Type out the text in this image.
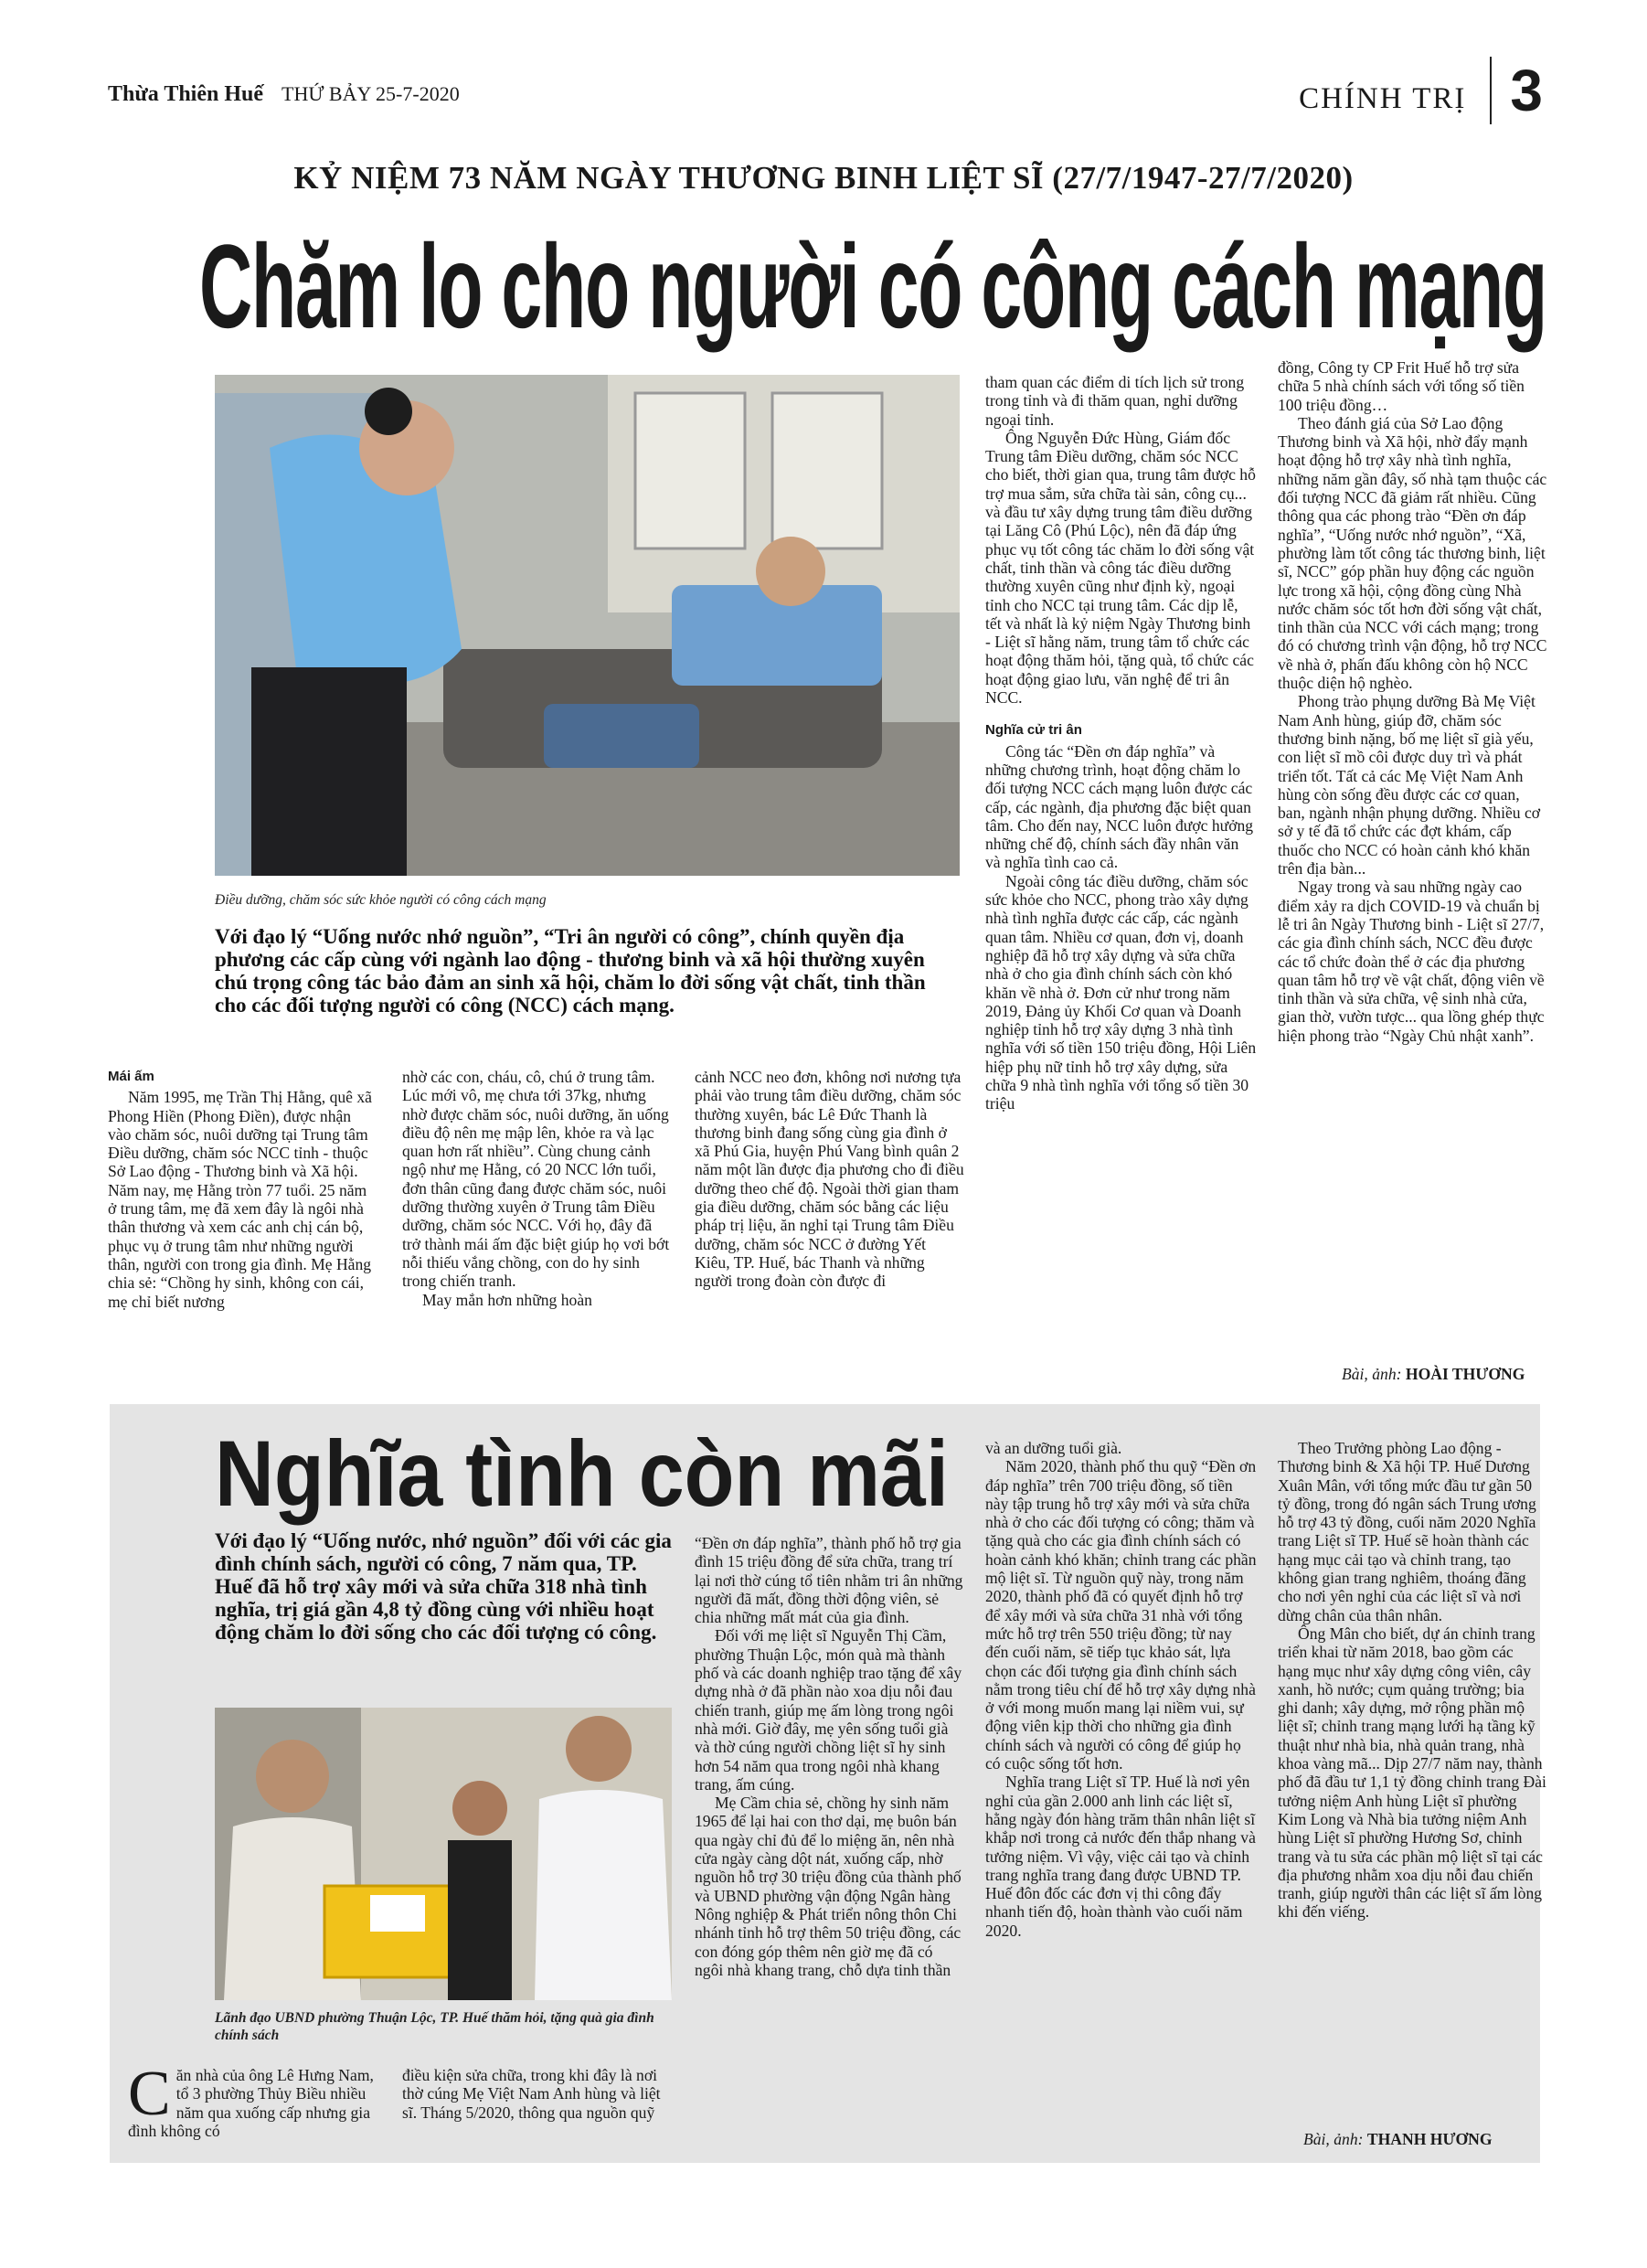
Thừa Thiên Huế THỨ BẢY 25-7-2020	CHÍNH TRỊ 3
KỶ NIỆM 73 NĂM NGÀY THƯƠNG BINH LIỆT SĨ (27/7/1947-27/7/2020)
Chăm lo cho người có công cách mạng
Điều dưỡng, chăm sóc sức khỏe người có công cách mạng
Với đạo lý “Uống nước nhớ nguồn”, “Tri ân người có công”, chính quyền địa phương các cấp cùng với ngành lao động - thương binh và xã hội thường xuyên chú trọng công tác bảo đảm an sinh xã hội, chăm lo đời sống vật chất, tinh thần cho các đối tượng người có công (NCC) cách mạng.
Mái ấm

Năm 1995, mẹ Trần Thị Hằng, quê xã Phong Hiền (Phong Điền), được nhận vào chăm sóc, nuôi dưỡng tại Trung tâm Điều dưỡng, chăm sóc NCC tỉnh - thuộc Sở Lao động - Thương binh và Xã hội. Năm nay, mẹ Hằng tròn 77 tuổi. 25 năm ở trung tâm, mẹ đã xem đây là ngôi nhà thân thương và xem các anh chị cán bộ, phục vụ ở trung tâm như những người thân, người con trong gia đình. Mẹ Hằng chia sẻ: “Chồng hy sinh, không con cái, mẹ chỉ biết nương

nhờ các con, cháu, cô, chú ở trung tâm. Lúc mới vô, mẹ chưa tới 37kg, nhưng nhờ được chăm sóc, nuôi dưỡng, ăn uống điều độ nên mẹ mập lên, khỏe ra và lạc quan hơn rất nhiều”. Cùng chung cảnh ngộ như mẹ Hằng, có 20 NCC lớn tuổi, đơn thân cũng đang được chăm sóc, nuôi dưỡng thường xuyên ở Trung tâm Điều dưỡng, chăm sóc NCC. Với họ, đây đã trở thành mái ấm đặc biệt giúp họ vơi bớt nỗi thiếu vắng chồng, con do hy sinh trong chiến tranh.

May mắn hơn những hoàn

cảnh NCC neo đơn, không nơi nương tựa phải vào trung tâm điều dưỡng, chăm sóc thường xuyên, bác Lê Đức Thanh là thương binh đang sống cùng gia đình ở xã Phú Gia, huyện Phú Vang bình quân 2 năm một lần được địa phương cho đi điều dưỡng theo chế độ. Ngoài thời gian tham gia điều dưỡng, chăm sóc bằng các liệu pháp trị liệu, ăn nghỉ tại Trung tâm Điều dưỡng, chăm sóc NCC ở đường Yết Kiêu, TP. Huế, bác Thanh và những người trong đoàn còn được đi

tham quan các điểm di tích lịch sử trong trong tỉnh và đi thăm quan, nghỉ dưỡng ngoại tỉnh.

Ông Nguyễn Đức Hùng, Giám đốc Trung tâm Điều dưỡng, chăm sóc NCC cho biết, thời gian qua, trung tâm được hỗ trợ mua sắm, sửa chữa tài sản, công cụ... và đầu tư xây dựng trung tâm điều dưỡng tại Lăng Cô (Phú Lộc), nên đã đáp ứng phục vụ tốt công tác chăm lo đời sống vật chất, tinh thần và công tác điều dưỡng thường xuyên cũng như định kỳ, ngoại tỉnh cho NCC tại trung tâm. Các dịp lễ, tết và nhất là kỷ niệm Ngày Thương binh - Liệt sĩ hằng năm, trung tâm tổ chức các hoạt động thăm hỏi, tặng quà, tổ chức các hoạt động giao lưu, văn nghệ để tri ân NCC.

Nghĩa cử tri ân

Công tác “Đền ơn đáp nghĩa” và những chương trình, hoạt động chăm lo đối tượng NCC cách mạng luôn được các cấp, các ngành, địa phương đặc biệt quan tâm. Cho đến nay, NCC luôn được hưởng những chế độ, chính sách đầy nhân văn và nghĩa tình cao cả.

Ngoài công tác điều dưỡng, chăm sóc sức khỏe cho NCC, phong trào xây dựng nhà tình nghĩa được các cấp, các ngành quan tâm. Nhiều cơ quan, đơn vị, doanh nghiệp đã hỗ trợ xây dựng và sửa chữa nhà ở cho gia đình chính sách còn khó khăn về nhà ở. Đơn cử như trong năm 2019, Đảng ủy Khối Cơ quan và Doanh nghiệp tỉnh hỗ trợ xây dựng 3 nhà tình nghĩa với số tiền 150 triệu đồng, Hội Liên hiệp phụ nữ tỉnh hỗ trợ xây dựng, sửa chữa 9 nhà tình nghĩa với tổng số tiền 30 triệu

đồng, Công ty CP Frit Huế hỗ trợ sửa chữa 5 nhà chính sách với tổng số tiền 100 triệu đồng…

Theo đánh giá của Sở Lao động Thương binh và Xã hội, nhờ đẩy mạnh hoạt động hỗ trợ xây nhà tình nghĩa, những năm gần đây, số nhà tạm thuộc các đối tượng NCC đã giảm rất nhiều. Cũng thông qua các phong trào “Đền ơn đáp nghĩa”, “Uống nước nhớ nguồn”, “Xã, phường làm tốt công tác thương binh, liệt sĩ, NCC” góp phần huy động các nguồn lực trong xã hội, cộng đồng cùng Nhà nước chăm sóc tốt hơn đời sống vật chất, tinh thần của NCC với cách mạng; trong đó có chương trình vận động, hỗ trợ NCC về nhà ở, phấn đấu không còn hộ NCC thuộc diện hộ nghèo.

Phong trào phụng dưỡng Bà Mẹ Việt Nam Anh hùng, giúp đỡ, chăm sóc thương binh nặng, bố mẹ liệt sĩ già yếu, con liệt sĩ mồ côi được duy trì và phát triển tốt. Tất cả các Mẹ Việt Nam Anh hùng còn sống đều được các cơ quan, ban, ngành nhận phụng dưỡng. Nhiều cơ sở y tế đã tổ chức các đợt khám, cấp thuốc cho NCC có hoàn cảnh khó khăn trên địa bàn...

Ngay trong và sau những ngày cao điểm xảy ra dịch COVID-19 và chuẩn bị lễ tri ân Ngày Thương binh - Liệt sĩ 27/7, các gia đình chính sách, NCC đều được các tổ chức đoàn thể ở các địa phương quan tâm hỗ trợ về vật chất, động viên về tinh thần và sửa chữa, vệ sinh nhà cửa, gian thờ, vườn tược... qua lồng ghép thực hiện phong trào “Ngày Chủ nhật xanh”.

Bài, ảnh: HOÀI THƯƠNG
Nghĩa tình còn mãi
Với đạo lý “Uống nước, nhớ nguồn” đối với các gia đình chính sách, người có công, 7 năm qua, TP. Huế đã hỗ trợ xây mới và sửa chữa 318 nhà tình nghĩa, trị giá gần 4,8 tỷ đồng cùng với nhiều hoạt động chăm lo đời sống cho các đối tượng có công.
Lãnh đạo UBND phường Thuận Lộc, TP. Huế thăm hỏi, tặng quà gia đình chính sách

Căn nhà của ông Lê Hưng Nam, tổ 3 phường Thủy Biều nhiều năm qua xuống cấp nhưng gia đình không có

điều kiện sửa chữa, trong khi đây là nơi thờ cúng Mẹ Việt Nam Anh hùng và liệt sĩ. Tháng 5/2020, thông qua nguồn quỹ

“Đền ơn đáp nghĩa”, thành phố hỗ trợ gia đình 15 triệu đồng để sửa chữa, trang trí lại nơi thờ cúng tổ tiên nhằm tri ân những người đã mất, đồng thời động viên, sẻ chia những mất mát của gia đình.

Đối với mẹ liệt sĩ Nguyễn Thị Cầm, phường Thuận Lộc, món quà mà thành phố và các doanh nghiệp trao tặng để xây dựng nhà ở đã phần nào xoa dịu nỗi đau chiến tranh, giúp mẹ ấm lòng trong ngôi nhà mới. Giờ đây, mẹ yên sống tuổi già và thờ cúng người chồng liệt sĩ hy sinh hơn 54 năm qua trong ngôi nhà khang trang, ấm cúng.

Mẹ Cầm chia sẻ, chồng hy sinh năm 1965 để lại hai con thơ dại, mẹ buôn bán qua ngày chỉ đủ để lo miệng ăn, nên nhà cửa ngày càng dột nát, xuống cấp, nhờ nguồn hỗ trợ 30 triệu đồng của thành phố và UBND phường vận động Ngân hàng Nông nghiệp & Phát triển nông thôn Chi nhánh tỉnh hỗ trợ thêm 50 triệu đồng, các con đóng góp thêm nên giờ mẹ đã có ngôi nhà khang trang, chỗ dựa tinh thần

và an dưỡng tuổi già.

Năm 2020, thành phố thu quỹ “Đền ơn đáp nghĩa” trên 700 triệu đồng, số tiền này tập trung hỗ trợ xây mới và sửa chữa nhà ở cho các đối tượng có công; thăm và tặng quà cho các gia đình chính sách có hoàn cảnh khó khăn; chỉnh trang các phần mộ liệt sĩ. Từ nguồn quỹ này, trong năm 2020, thành phố đã có quyết định hỗ trợ để xây mới và sửa chữa 31 nhà với tổng mức hỗ trợ trên 550 triệu đồng; từ nay đến cuối năm, sẽ tiếp tục khảo sát, lựa chọn các đối tượng gia đình chính sách nằm trong tiêu chí để hỗ trợ xây dựng nhà ở với mong muốn mang lại niềm vui, sự động viên kịp thời cho những gia đình chính sách và người có công để giúp họ có cuộc sống tốt hơn.

Nghĩa trang Liệt sĩ TP. Huế là nơi yên nghỉ của gần 2.000 anh linh các liệt sĩ, hằng ngày đón hàng trăm thân nhân liệt sĩ khắp nơi trong cả nước đến thắp nhang và tưởng niệm. Vì vậy, việc cải tạo và chỉnh trang nghĩa trang đang được UBND TP. Huế đôn đốc các đơn vị thi công đẩy nhanh tiến độ, hoàn thành vào cuối năm 2020.

Theo Trưởng phòng Lao động - Thương binh & Xã hội TP. Huế Dương Xuân Mân, với tổng mức đầu tư gần 50 tỷ đồng, trong đó ngân sách Trung ương hỗ trợ 43 tỷ đồng, cuối năm 2020 Nghĩa trang Liệt sĩ TP. Huế sẽ hoàn thành các hạng mục cải tạo và chỉnh trang, tạo không gian trang nghiêm, thoáng đãng cho nơi yên nghỉ của các liệt sĩ và nơi dừng chân của thân nhân.

Ông Mân cho biết, dự án chỉnh trang triển khai từ năm 2018, bao gồm các hạng mục như xây dựng công viên, cây xanh, hồ nước; cụm quảng trường; bia ghi danh; xây dựng, mở rộng phần mộ liệt sĩ; chỉnh trang mạng lưới hạ tầng kỹ thuật như nhà bia, nhà quản trang, nhà khoa vàng mã... Dịp 27/7 năm nay, thành phố đã đầu tư 1,1 tỷ đồng chỉnh trang Đài tưởng niệm Anh hùng Liệt sĩ phường Kim Long và Nhà bia tưởng niệm Anh hùng Liệt sĩ phường Hương Sơ, chỉnh trang và tu sửa các phần mộ liệt sĩ tại các địa phương nhằm xoa dịu nỗi đau chiến tranh, giúp người thân các liệt sĩ ấm lòng khi đến viếng.

Bài, ảnh: THANH HƯƠNG
